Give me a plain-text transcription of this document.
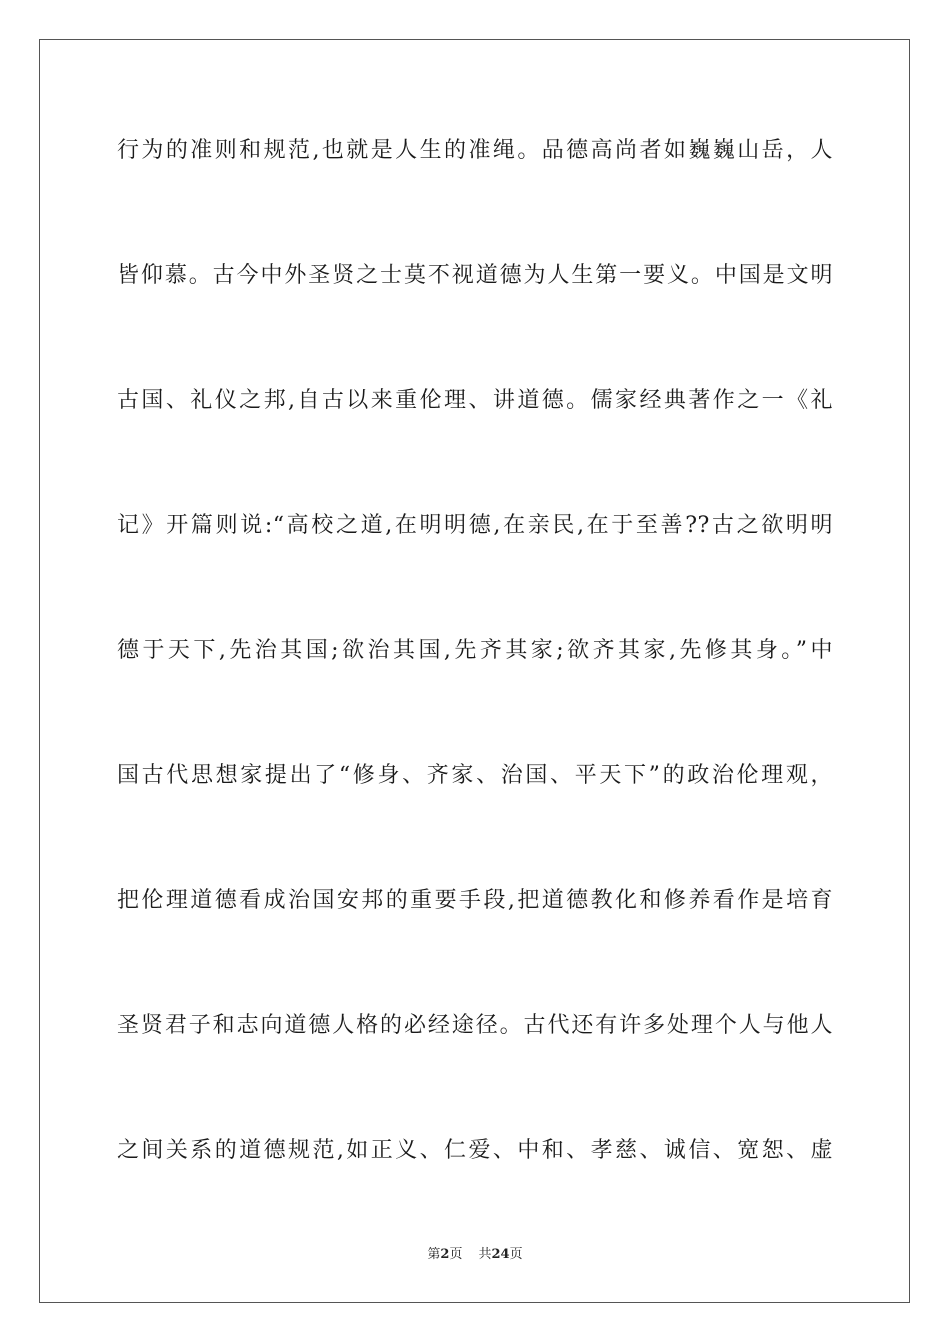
行为的准则和规范,也就是人生的准绳。品德高尚者如巍巍山岳，人
皆仰慕。古今中外圣贤之士莫不视道德为人生第一要义。中国是文明
古国、礼仪之邦,自古以来重伦理、讲道德。儒家经典著作之一《礼
记》开篇则说:“高校之道,在明明德,在亲民,在于至善??古之欲明明
德于天下,先治其国;欲治其国,先齐其家;欲齐其家,先修其身。”中
国古代思想家提出了“修身、齐家、治国、平天下”的政治伦理观，
把伦理道德看成治国安邦的重要手段,把道德教化和修养看作是培育
圣贤君子和志向道德人格的必经途径。古代还有许多处理个人与他人
之间关系的道德规范,如正义、仁爱、中和、孝慈、诚信、宽恕、虚
第2页 共24页
